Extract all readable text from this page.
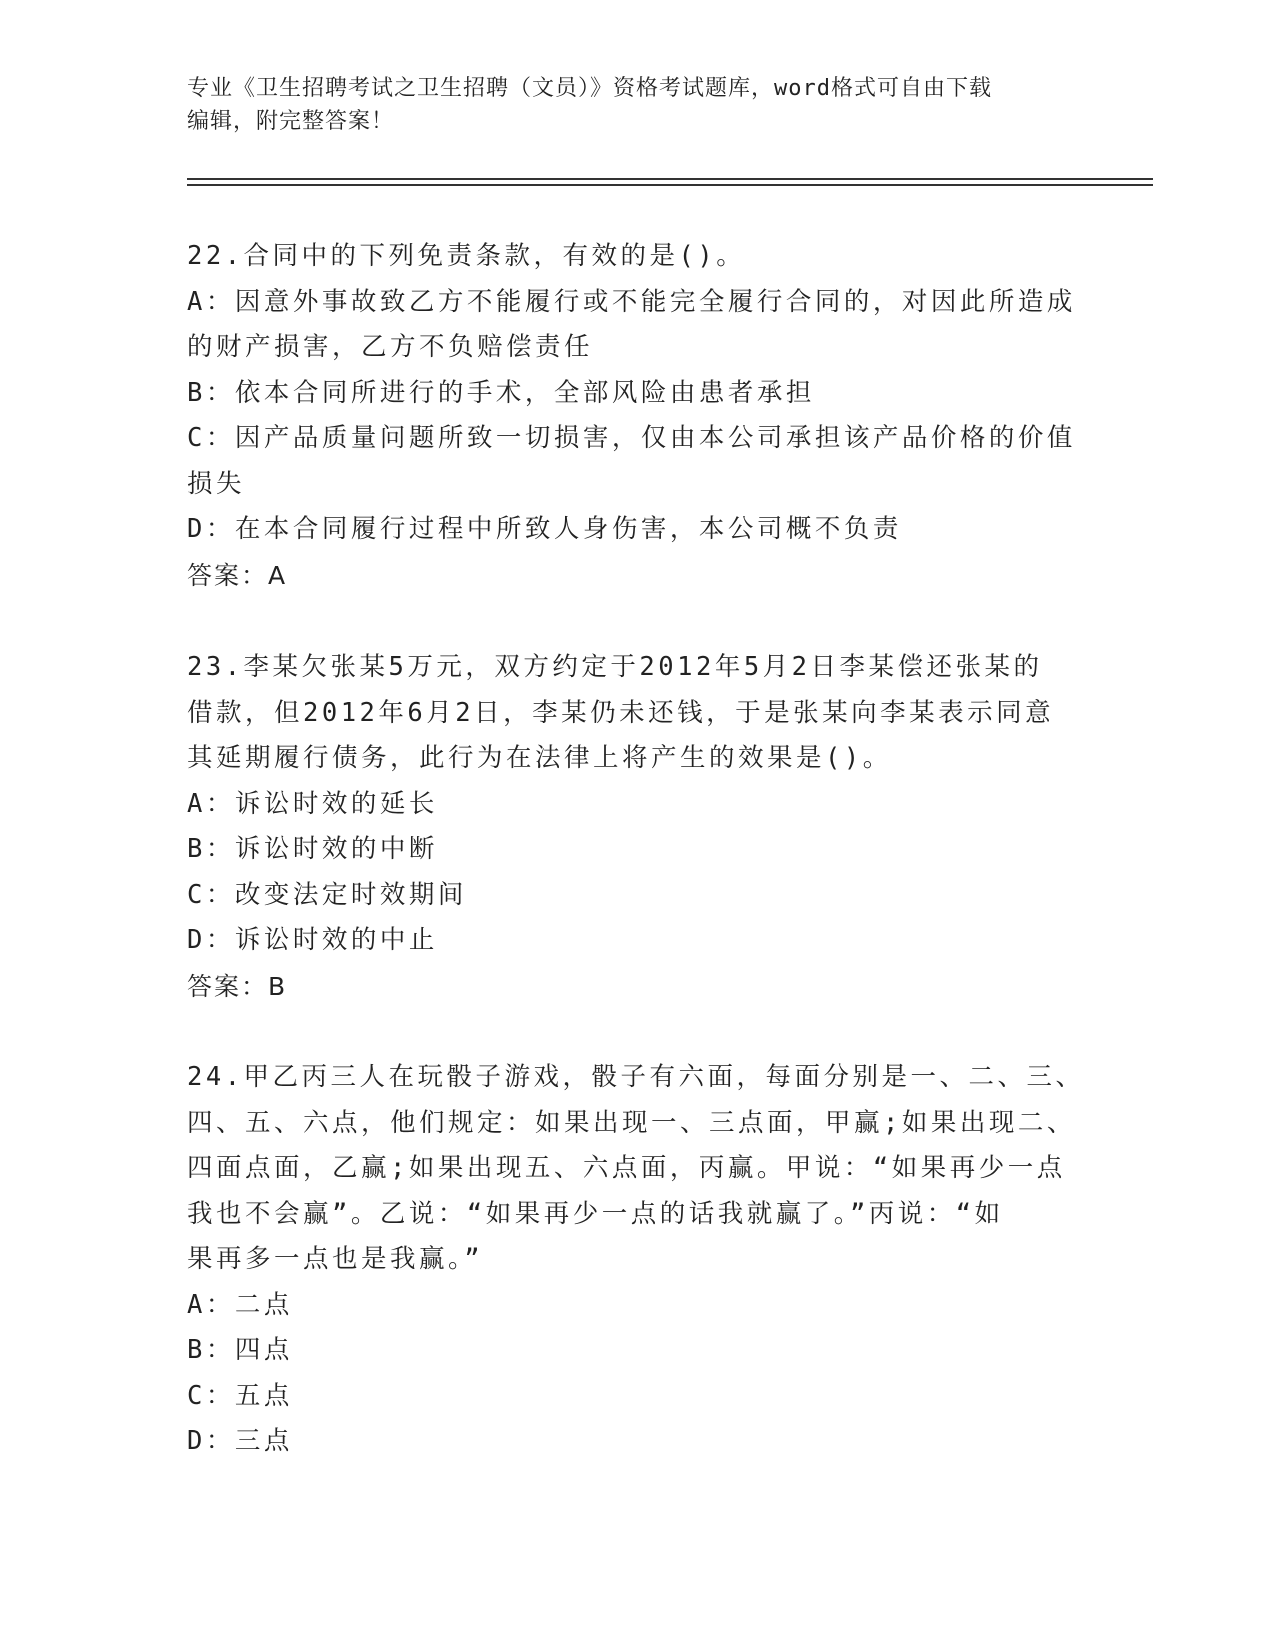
专业《卫生招聘考试之卫生招聘（文员）》资格考试题库，word格式可自由下载
编辑，附完整答案！
22.合同中的下列免责条款，有效的是()。
A：因意外事故致乙方不能履行或不能完全履行合同的，对因此所造成
的财产损害，乙方不负赔偿责任
B：依本合同所进行的手术，全部风险由患者承担
C：因产品质量问题所致一切损害，仅由本公司承担该产品价格的价值
损失
D：在本合同履行过程中所致人身伤害，本公司概不负责
答案：A
23.李某欠张某5万元，双方约定于2012年5月2日李某偿还张某的
借款，但2012年6月2日，李某仍未还钱，于是张某向李某表示同意
其延期履行债务，此行为在法律上将产生的效果是()。
A：诉讼时效的延长
B：诉讼时效的中断
C：改变法定时效期间
D：诉讼时效的中止
答案：B
24.甲乙丙三人在玩骰子游戏，骰子有六面，每面分别是一、二、三、
四、五、六点，他们规定：如果出现一、三点面，甲赢;如果出现二、
四面点面，乙赢;如果出现五、六点面，丙赢。甲说：“如果再少一点
我也不会赢”。乙说：“如果再少一点的话我就赢了。”丙说：“如
果再多一点也是我赢。”
A：二点
B：四点
C：五点
D：三点
